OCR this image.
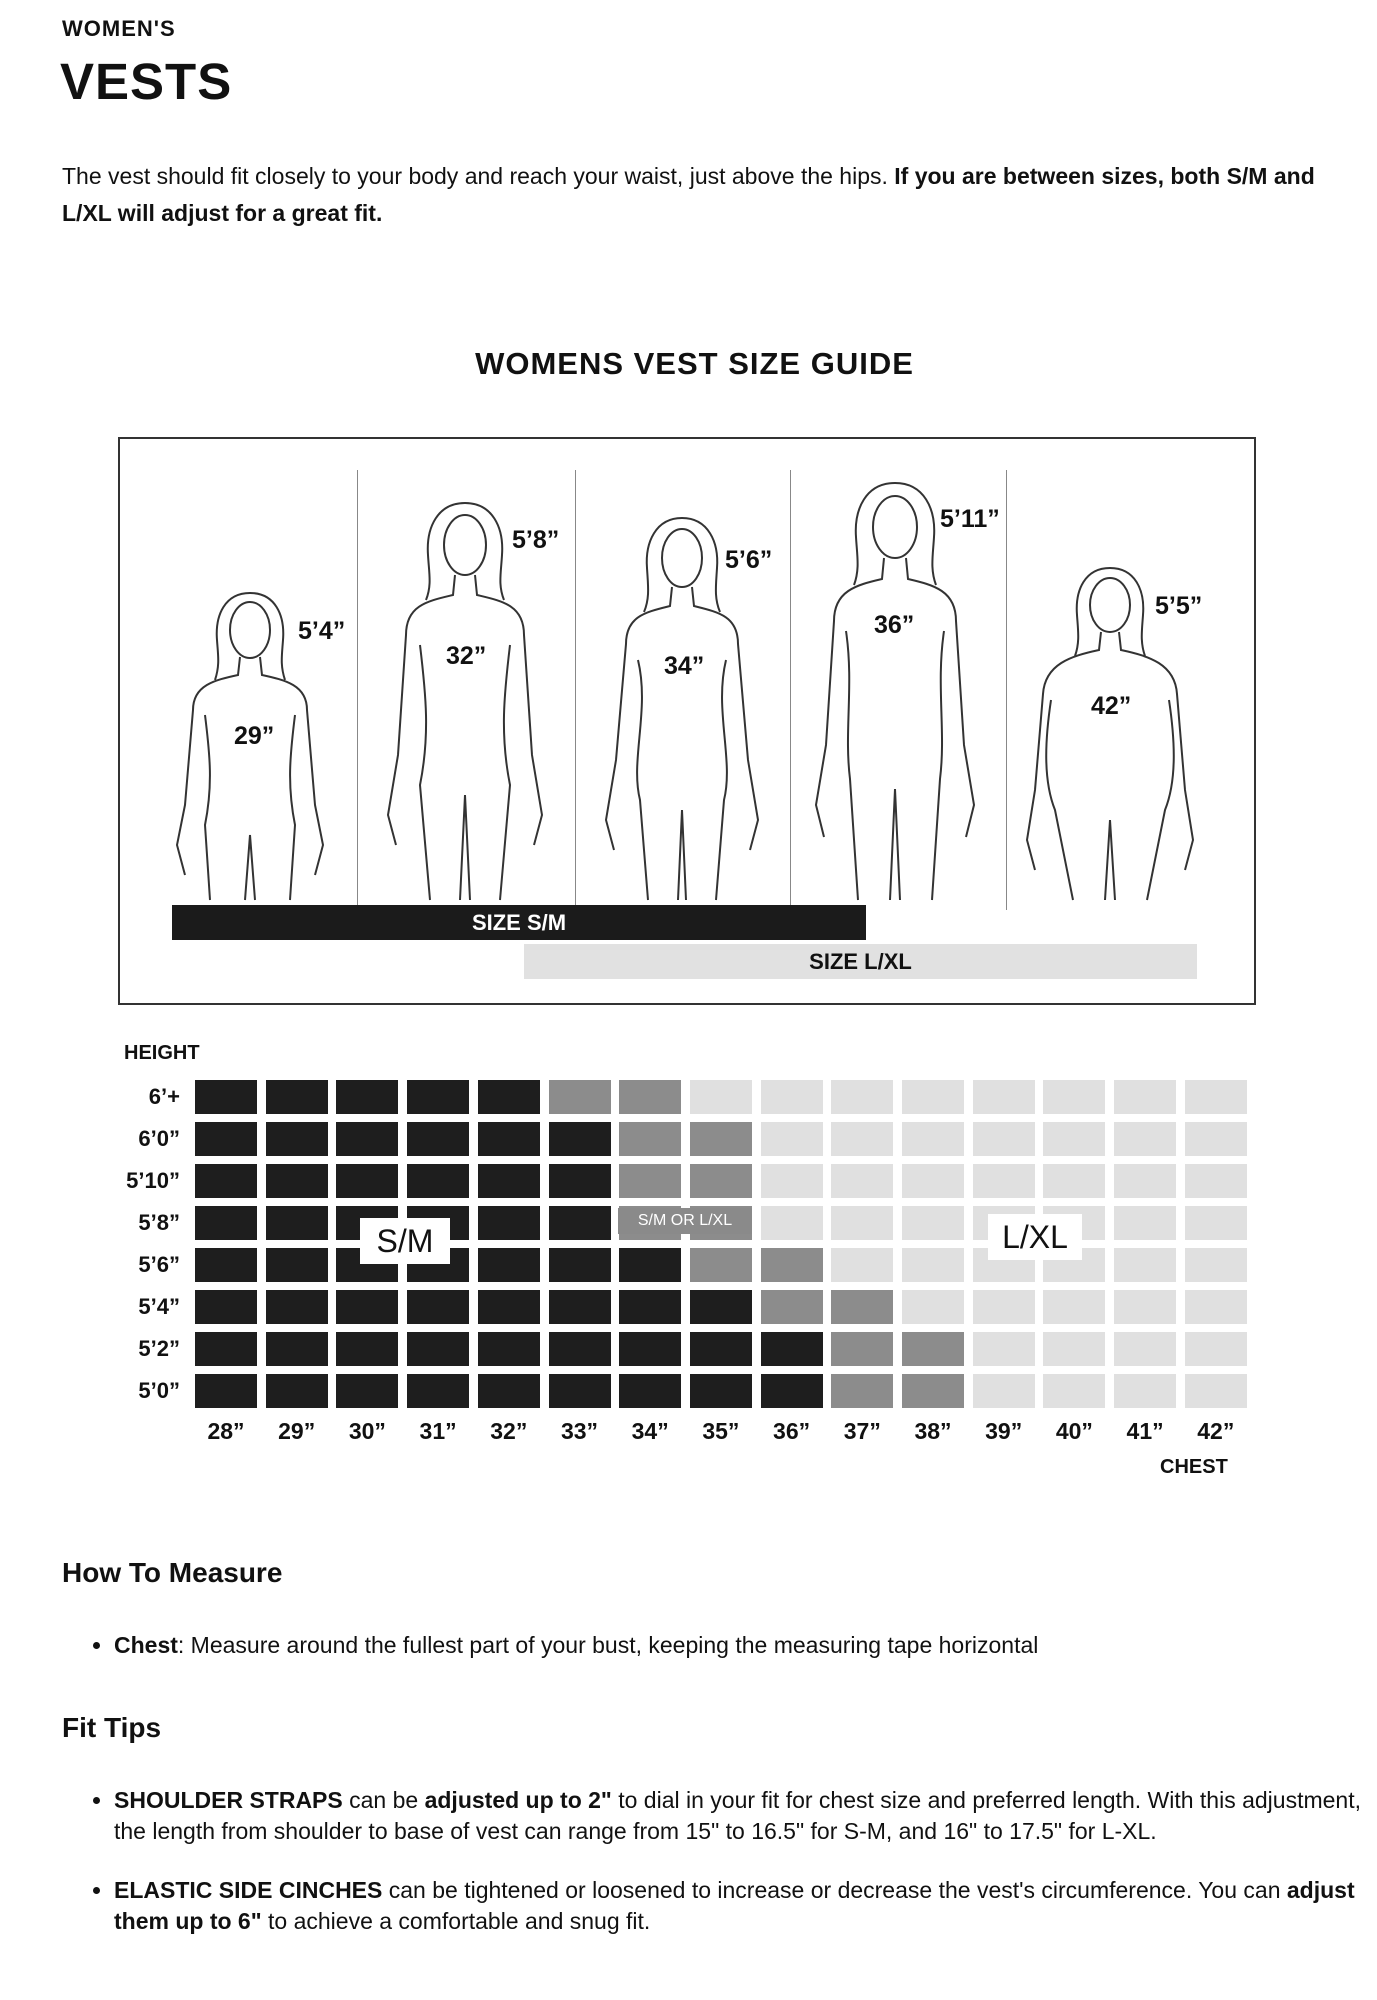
WOMEN'S
VESTS
The vest should fit closely to your body and reach your waist, just above the hips. If you are between sizes, both S/M and L/XL will adjust for a great fit.
WOMENS VEST SIZE GUIDE
5’4”
5’8”
5’6”
5’11”
5’5”
29”
32”	34”
36”
42”
SIZE S/M
SIZE L/XL
HEIGHT
6’+
6’0”
5’10”
5’8”
5’6”
5’4”
5’2”
5’0”
28”	29”	30”	31”	32”	33”	34”	35”	36”	37”	38”	39”	40”	41”	42”
S/M
S/M OR L/XL	L/XL
CHEST
How To Measure
• Chest: Measure around the fullest part of your bust, keeping the measuring tape horizontal
Fit Tips
• SHOULDER STRAPS can be adjusted up to 2" to dial in your fit for chest size and preferred length. With this adjustment, the length from shoulder to base of vest can range from 15" to 16.5" for S-M, and 16" to 17.5" for L-XL.
• ELASTIC SIDE CINCHES can be tightened or loosened to increase or decrease the vest's circumference. You can adjust them up to 6" to achieve a comfortable and snug fit.
